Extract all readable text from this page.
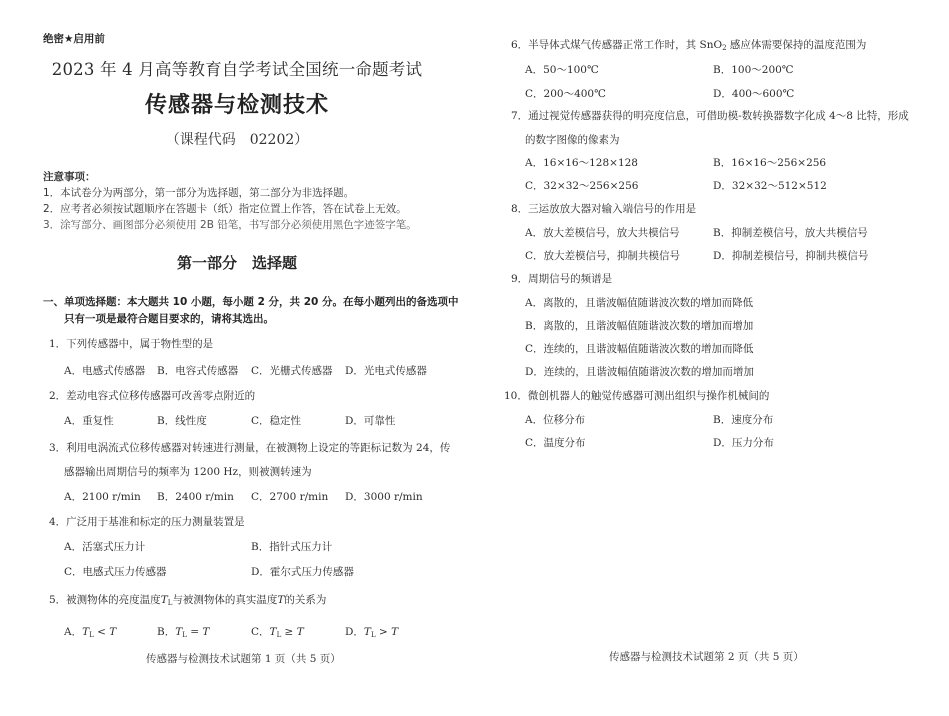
绝密★启用前
2023 年 4 月高等教育自学考试全国统一命题考试
传感器与检测技术
（课程代码　02202）
注意事项：
1．本试卷分为两部分，第一部分为选择题，第二部分为非选择题。
2．应考者必须按试题顺序在答题卡（纸）指定位置上作答，答在试卷上无效。
3．涂写部分、画图部分必须使用 2B 铅笔，书写部分必须使用黑色字迹签字笔。
第一部分　选择题
一、单项选择题：本大题共 10 小题，每小题 2 分，共 20 分。在每小题列出的备选项中
只有一项是最符合题目要求的，请将其选出。
1．下列传感器中，属于物性型的是
A．电感式传感器 B．电容式传感器 C．光栅式传感器 D．光电式传感器
2．差动电容式位移传感器可改善零点附近的
A．重复性	B．线性度	C．稳定性	D．可靠性
3．利用电涡流式位移传感器对转速进行测量，在被测物上设定的等距标记数为 24，传
感器输出周期信号的频率为 1200 Hz，则被测转速为
A．2100 r/min B．2400 r/min C．2700 r/min D．3000 r/min
4．广泛用于基准和标定的压力测量装置是
A．活塞式压力计	B．指针式压力计
C．电感式压力传感器	D．霍尔式压力传感器
5．被测物体的亮度温度$T_L$与被测物体的真实温度T的关系为
A．$T_L < T$	B．$T_L = T$	C．$T_L \ge T$	D．$T_L > T$
传感器与检测技术试题第 1 页（共 5 页）
6．半导体式煤气传感器正常工作时，其 SnO$_2$ 感应体需要保持的温度范围为
A．50～100℃	B．100～200℃
C．200～400℃	D．400～600℃
7．通过视觉传感器获得的明亮度信息，可借助模-数转换器数字化成 4～8 比特，形成
的数字图像的像素为
A．16×16～128×128	B．16×16～256×256
C．32×32～256×256	D．32×32～512×512
8．三运放放大器对输入端信号的作用是
A．放大差模信号，放大共模信号	B．抑制差模信号，放大共模信号
C．放大差模信号，抑制共模信号	D．抑制差模信号，抑制共模信号
9．周期信号的频谱是
A．离散的，且谐波幅值随谐波次数的增加而降低
B．离散的，且谐波幅值随谐波次数的增加而增加
C．连续的，且谐波幅值随谐波次数的增加而降低
D．连续的，且谐波幅值随谐波次数的增加而增加
10．微创机器人的触觉传感器可测出组织与操作机械间的
A．位移分布	B．速度分布
C．温度分布	D．压力分布
传感器与检测技术试题第 2 页（共 5 页）
